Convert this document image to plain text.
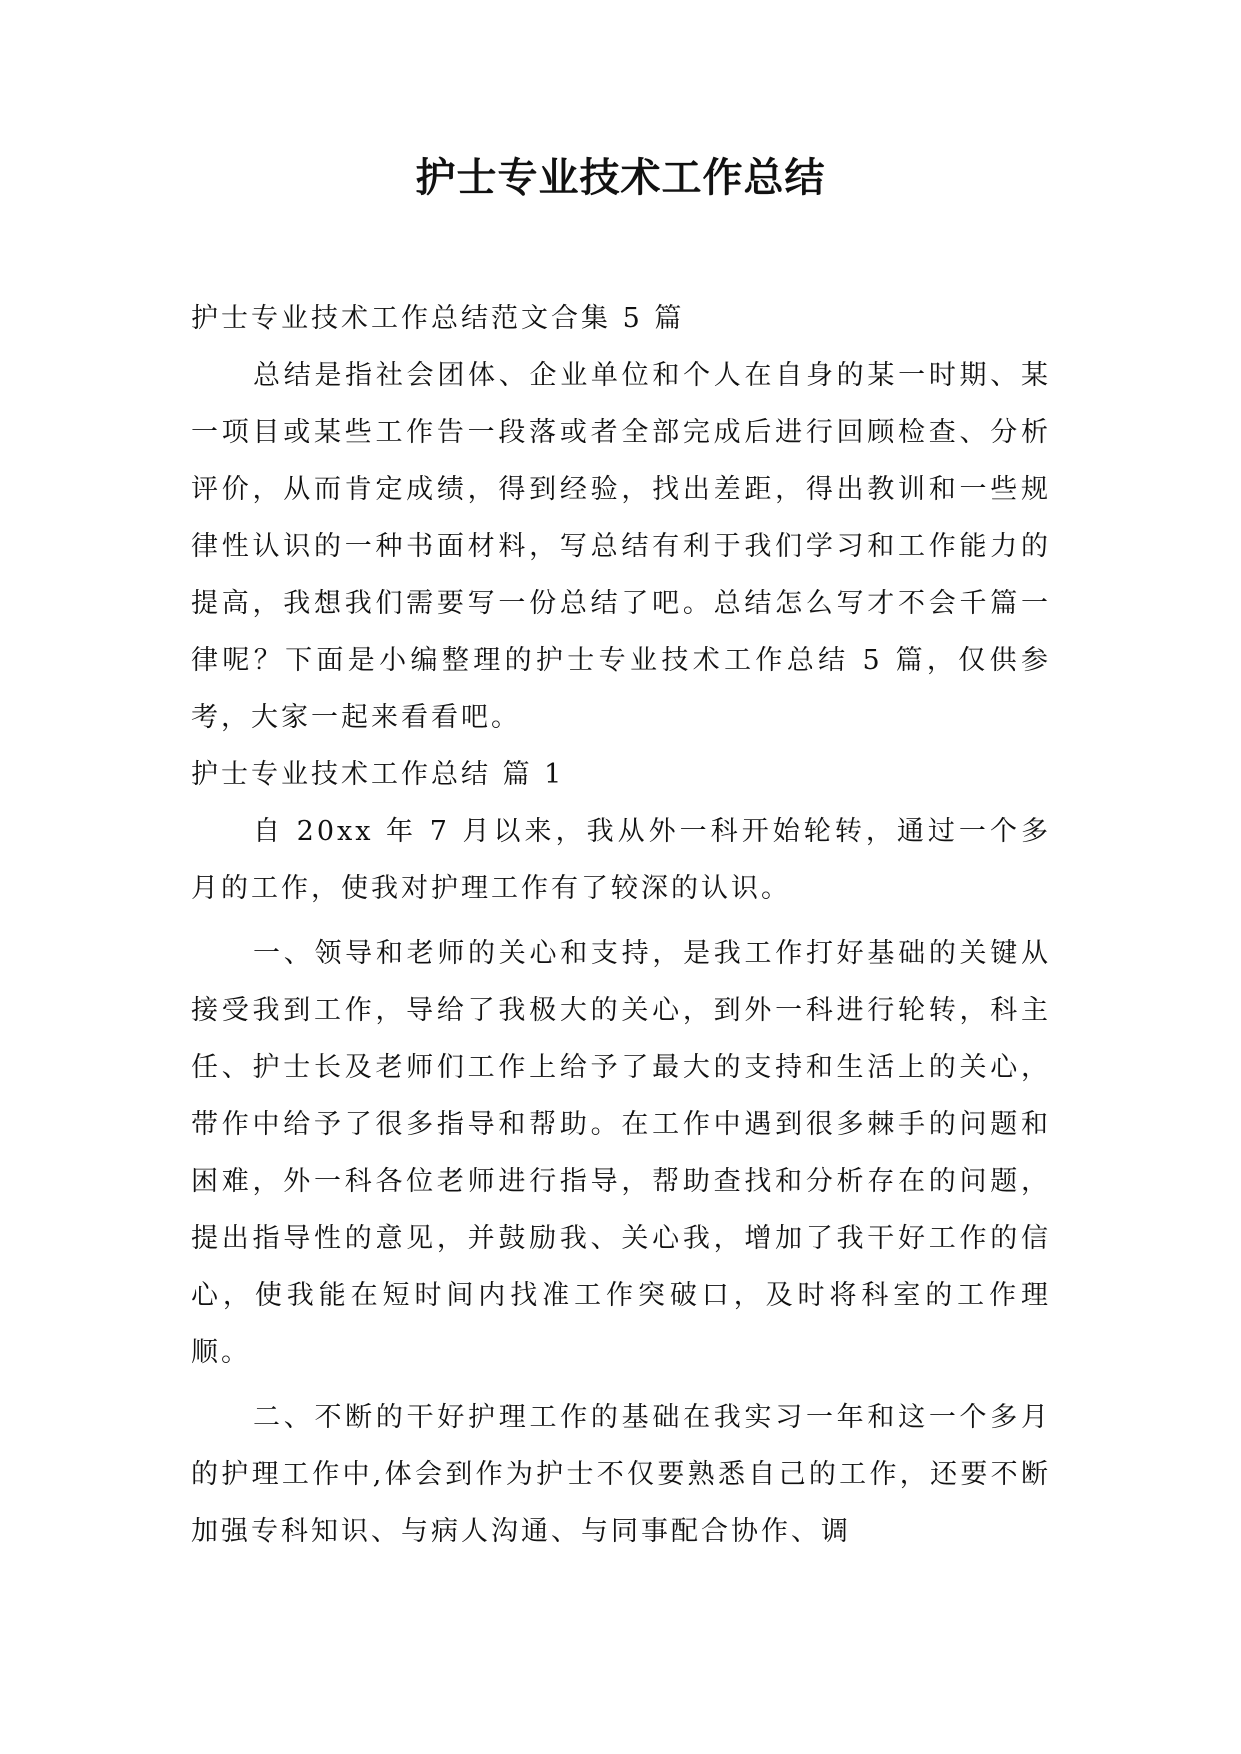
护士专业技术工作总结

护士专业技术工作总结范文合集 5 篇

总结是指社会团体、企业单位和个人在自身的某一时期、某一项目或某些工作告一段落或者全部完成后进行回顾检查、分析评价，从而肯定成绩，得到经验，找出差距，得出教训和一些规律性认识的一种书面材料，写总结有利于我们学习和工作能力的提高，我想我们需要写一份总结了吧。总结怎么写才不会千篇一律呢？下面是小编整理的护士专业技术工作总结 5 篇，仅供参考，大家一起来看看吧。

护士专业技术工作总结 篇 1

自 20xx 年 7 月以来，我从外一科开始轮转，通过一个多月的工作，使我对护理工作有了较深的认识。

一、领导和老师的关心和支持，是我工作打好基础的关键从接受我到工作，导给了我极大的关心，到外一科进行轮转，科主任、护士长及老师们工作上给予了最大的支持和生活上的关心，带作中给予了很多指导和帮助。在工作中遇到很多棘手的问题和困难，外一科各位老师进行指导，帮助查找和分析存在的问题，提出指导性的意见，并鼓励我、关心我，增加了我干好工作的信心，使我能在短时间内找准工作突破口，及时将科室的工作理顺。

二、不断的干好护理工作的基础在我实习一年和这一个多月的护理工作中,体会到作为护士不仅要熟悉自己的工作，还要不断加强专科知识、与病人沟通、与同事配合协作、调
